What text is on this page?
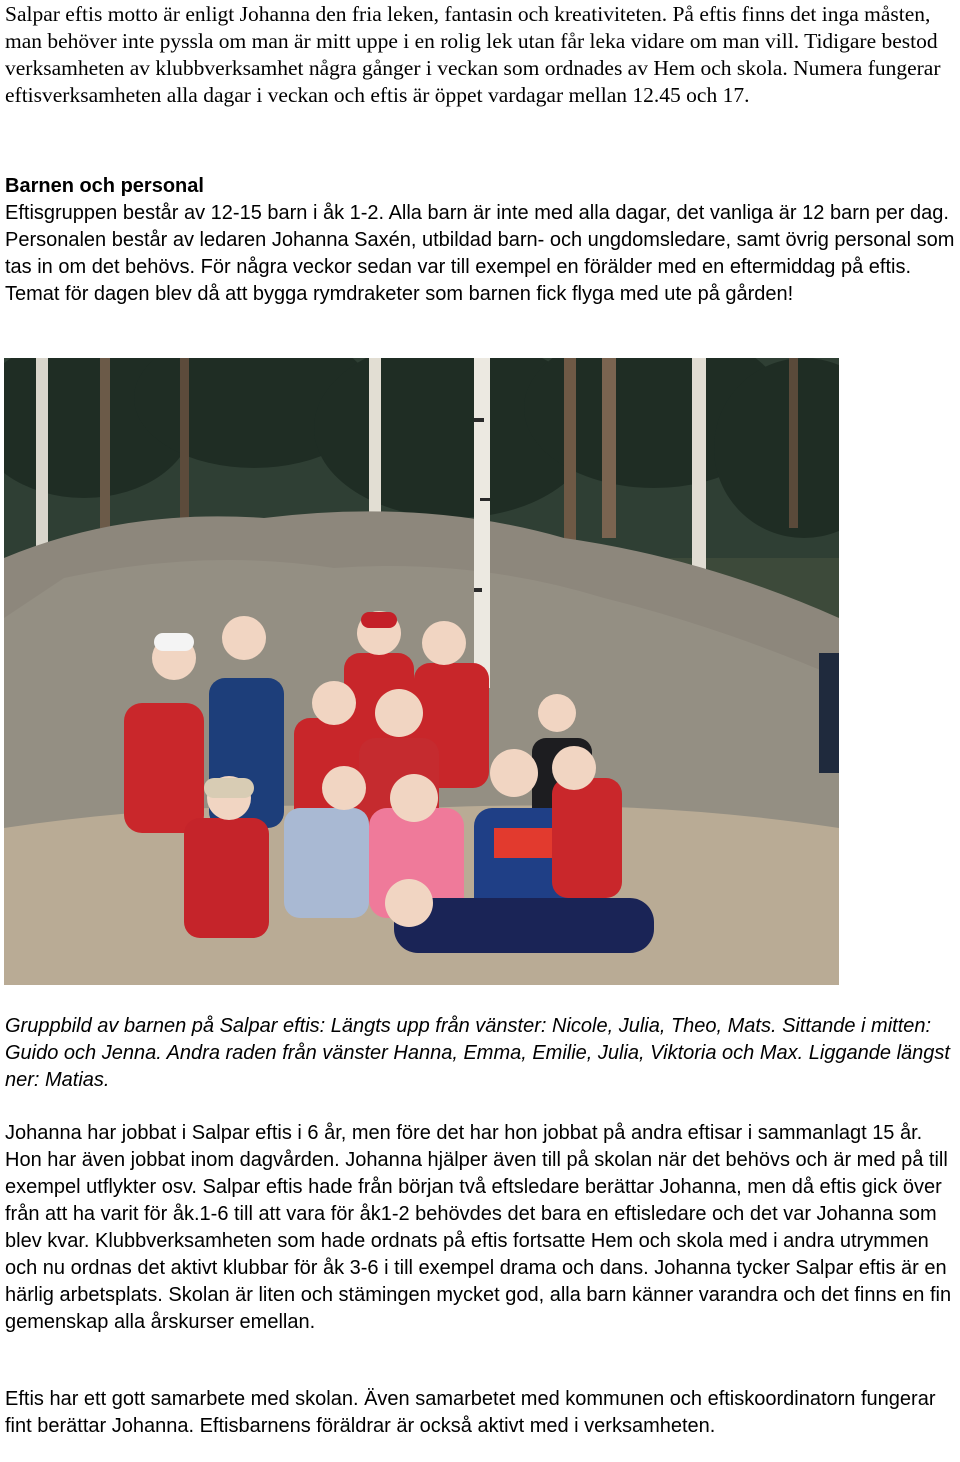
Salpar eftis motto är enligt Johanna den fria leken, fantasin och kreativiteten. På eftis finns det inga måsten, man behöver inte pyssla om man är mitt uppe i en rolig lek utan får leka vidare om man vill. Tidigare bestod verksamheten av klubbverksamhet några gånger i veckan som ordnades av Hem och skola. Numera fungerar eftisverksamheten alla dagar i veckan och eftis är öppet vardagar mellan 12.45 och 17.

Barnen och personal

Eftisgruppen består av 12-15 barn i åk 1-2. Alla barn är inte med alla dagar, det vanliga är 12 barn per dag. Personalen består av ledaren Johanna Saxén, utbildad barn- och ungdomsledare, samt övrig personal som tas in om det behövs. För några veckor sedan var till exempel en förälder med en eftermiddag på eftis. Temat för dagen blev då att bygga rymdraketer som barnen fick flyga med ute på gården!

Gruppbild av barnen på Salpar eftis: Längts upp från vänster: Nicole, Julia, Theo, Mats. Sittande i mitten: Guido och Jenna. Andra raden från vänster Hanna, Emma, Emilie, Julia, Viktoria och Max. Liggande längst ner: Matias.

Johanna har jobbat i Salpar eftis i 6 år, men före det har hon jobbat på andra eftisar i sammanlagt 15 år. Hon har även jobbat inom dagvården. Johanna hjälper även till på skolan när det behövs och är med på till exempel utflykter osv. Salpar eftis hade från början två eftsledare berättar Johanna, men då eftis gick över från att ha varit för åk.1-6 till att vara för åk1-2 behövdes det bara en eftisledare och det var Johanna som blev kvar. Klubbverksamheten som hade ordnats på eftis fortsatte Hem och skola med i andra utrymmen och nu ordnas det aktivt klubbar för åk 3-6 i till exempel drama och dans. Johanna tycker Salpar eftis är en härlig arbetsplats. Skolan är liten och stämingen mycket god, alla barn känner varandra och det finns en fin gemenskap alla årskurser emellan.

Eftis har ett gott samarbete med skolan. Även samarbetet med kommunen och eftiskoordinatorn fungerar fint berättar Johanna. Eftisbarnens föräldrar är också aktivt med i verksamheten.
